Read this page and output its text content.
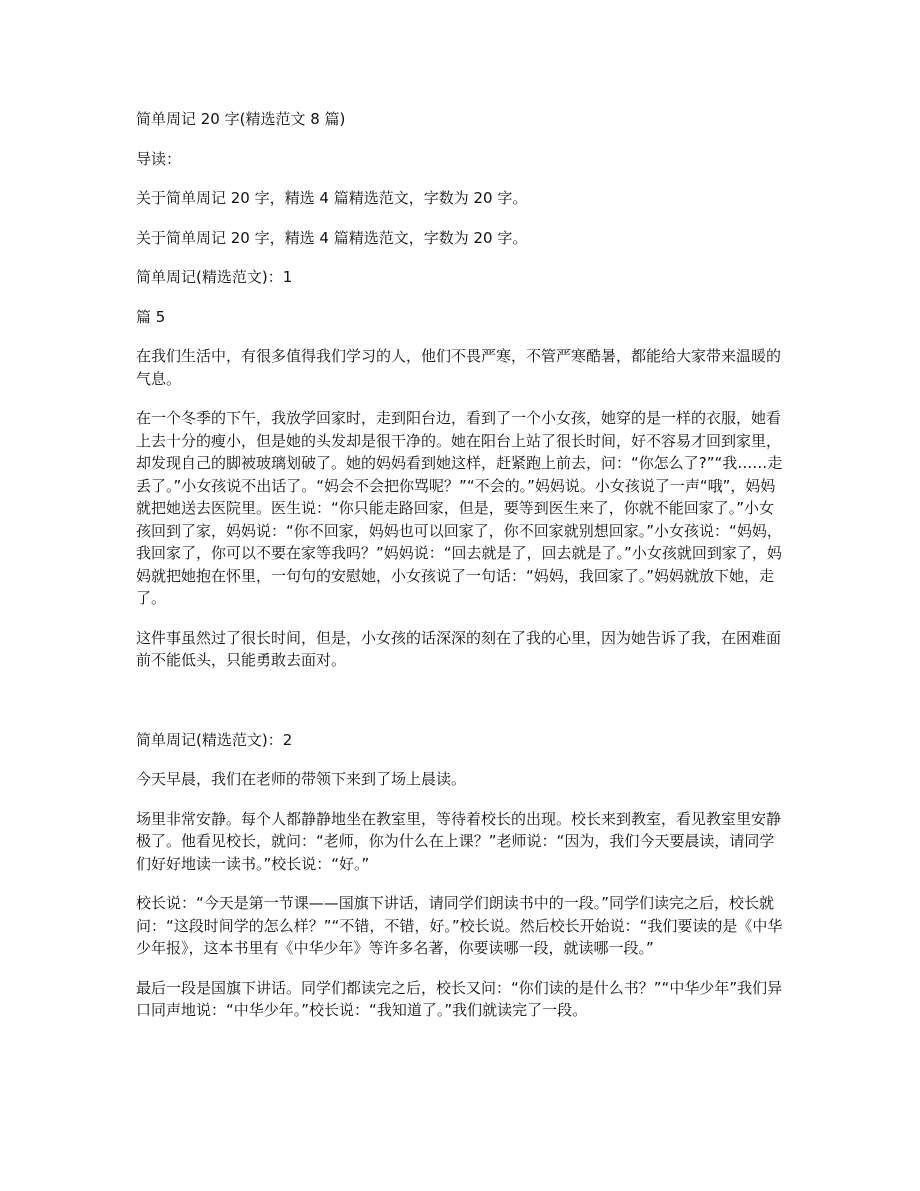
简单周记 20 字(精选范文 8 篇)

导读：

关于简单周记 20 字，精选 4 篇精选范文，字数为 20 字。

关于简单周记 20 字，精选 4 篇精选范文，字数为 20 字。

简单周记(精选范文)：1

篇 5

在我们生活中，有很多值得我们学习的人，他们不畏严寒，不管严寒酷暑，都能给大家带来温暖的气息。

在一个冬季的下午，我放学回家时，走到阳台边，看到了一个小女孩，她穿的是一样的衣服，她看上去十分的瘦小，但是她的头发却是很干净的。她在阳台上站了很长时间，好不容易才回到家里，却发现自己的脚被玻璃划破了。她的妈妈看到她这样，赶紧跑上前去，问：“你怎么了?”“我……走丢了。”小女孩说不出话了。“妈会不会把你骂呢？”“不会的。”妈妈说。小女孩说了一声“哦”，妈妈就把她送去医院里。医生说：“你只能走路回家，但是，要等到医生来了，你就不能回家了。”小女孩回到了家，妈妈说：“你不回家，妈妈也可以回家了，你不回家就别想回家。”小女孩说：“妈妈，我回家了，你可以不要在家等我吗？”妈妈说：“回去就是了，回去就是了。”小女孩就回到家了，妈妈就把她抱在怀里，一句句的安慰她，小女孩说了一句话：“妈妈，我回家了。”妈妈就放下她，走了。

这件事虽然过了很长时间，但是，小女孩的话深深的刻在了我的心里，因为她告诉了我，在困难面前不能低头，只能勇敢去面对。

简单周记(精选范文)：2

今天早晨，我们在老师的带领下来到了场上晨读。

场里非常安静。每个人都静静地坐在教室里，等待着校长的出现。校长来到教室，看见教室里安静极了。他看见校长，就问：“老师，你为什么在上课？”老师说：“因为，我们今天要晨读，请同学们好好地读一读书。”校长说：“好。”

校长说：“今天是第一节课——国旗下讲话，请同学们朗读书中的一段。”同学们读完之后，校长就问：“这段时间学的怎么样？”“不错，不错，好。”校长说。然后校长开始说：“我们要读的是《中华少年报》，这本书里有《中华少年》等许多名著，你要读哪一段，就读哪一段。”

最后一段是国旗下讲话。同学们都读完之后，校长又问：“你们读的是什么书？”“中华少年”我们异口同声地说：“中华少年。”校长说：“我知道了。”我们就读完了一段。
